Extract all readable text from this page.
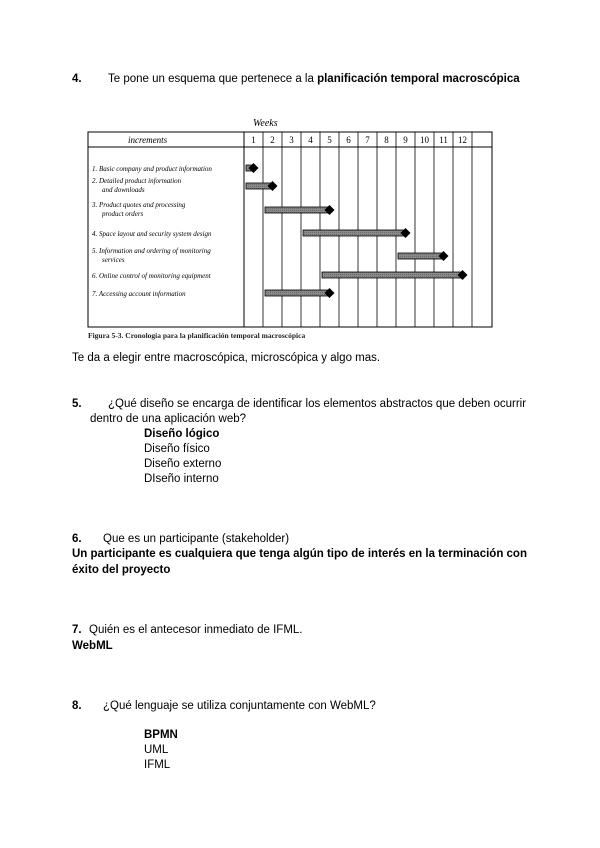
4. Te pone un esquema que pertenece a la planificación temporal macroscópica
Weeks
increments	1 2 3 4 5 6 7 8 9 10 11 12
1. Basic company and product information
2. Detailed product information
and downloads
3. Product quotes and processing
product orders
4. Space layout and security system design
5. Information and ordering of monitoring
services
6. Online control of monitoring equipment
7. Accessing account information
Figura 5-3. Cronología para la planificación temporal macroscópica
Te da a elegir entre macroscópica, microscópica y algo mas.
5. ¿Qué diseño se encarga de identificar los elementos abstractos que deben ocurrir
dentro de una aplicación web?
Diseño lógico
Diseño físico
Diseño externo
DIseño interno
6. Que es un participante (stakeholder)
Un participante es cualquiera que tenga algún tipo de interés en la terminación con
éxito del proyecto
7. Quién es el antecesor inmediato de IFML.
WebML
8. ¿Qué lenguaje se utiliza conjuntamente con WebML?
BPMN
UML
IFML
